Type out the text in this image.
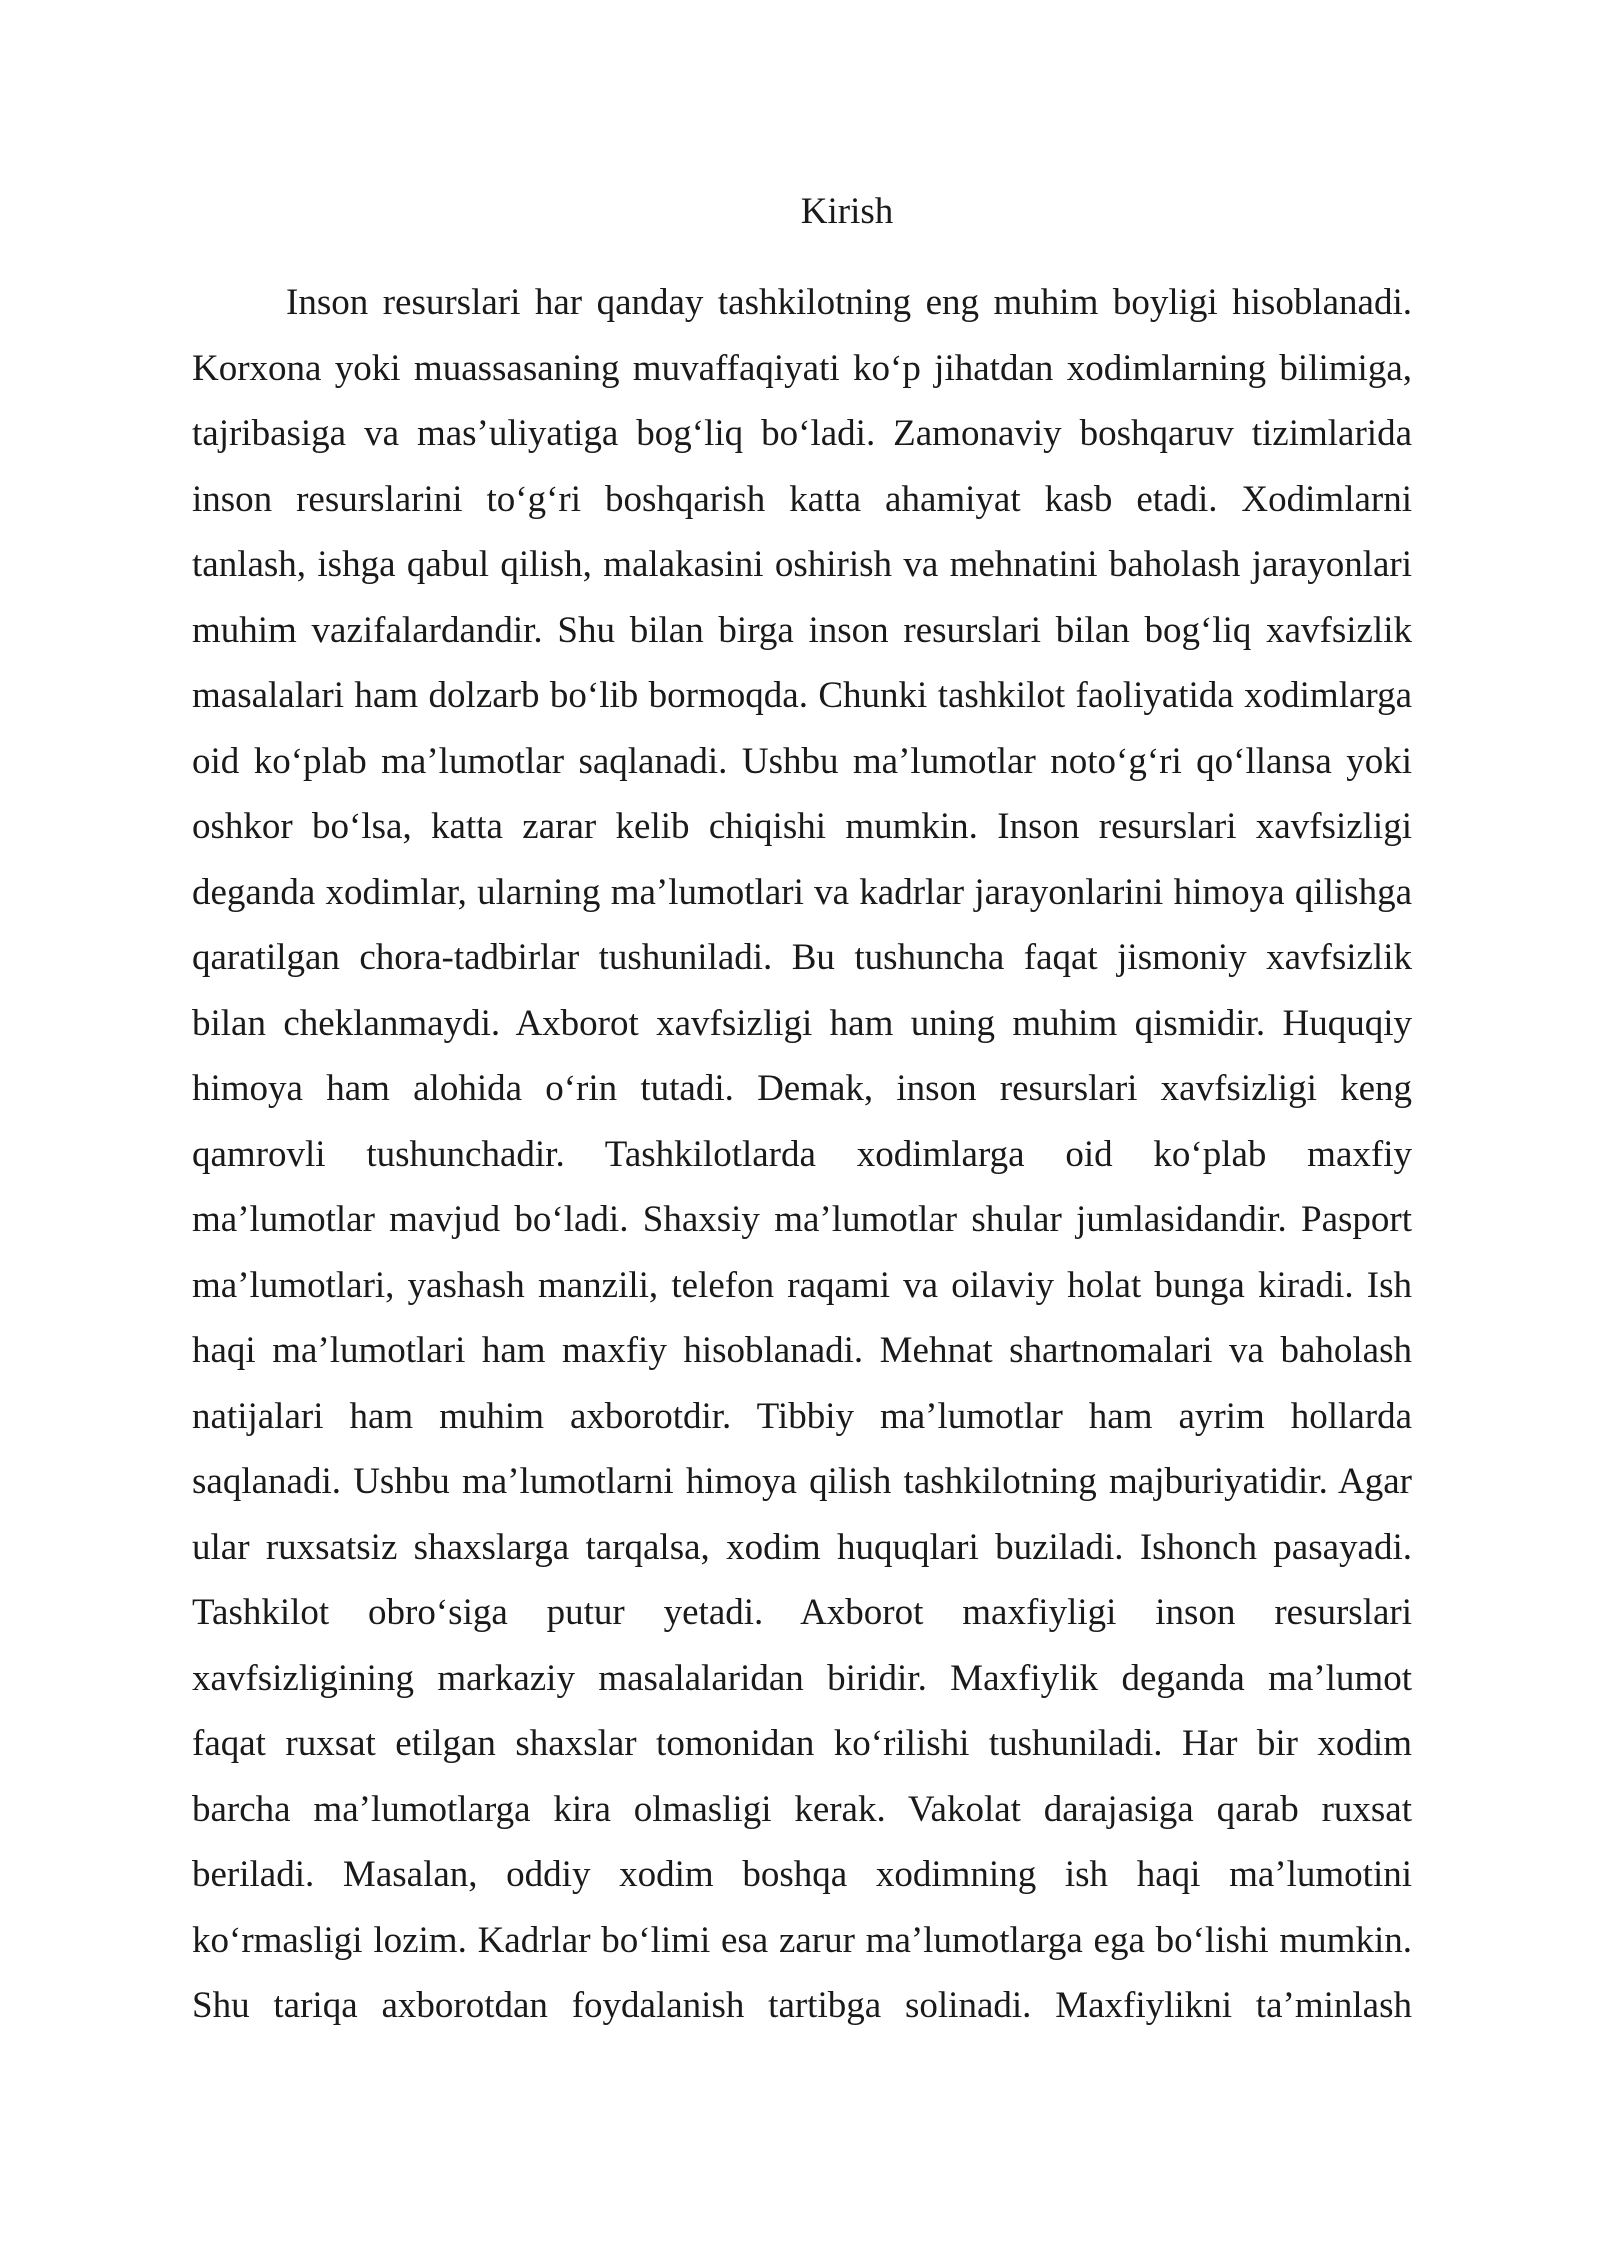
Kirish
Inson resurslari har qanday tashkilotning eng muhim boyligi hisoblanadi.
Korxona yoki muassasaning muvaffaqiyati ko‘p jihatdan xodimlarning bilimiga,
tajribasiga va mas’uliyatiga bog‘liq bo‘ladi. Zamonaviy boshqaruv tizimlarida
inson resurslarini to‘g‘ri boshqarish katta ahamiyat kasb etadi. Xodimlarni
tanlash, ishga qabul qilish, malakasini oshirish va mehnatini baholash jarayonlari
muhim vazifalardandir. Shu bilan birga inson resurslari bilan bog‘liq xavfsizlik
masalalari ham dolzarb bo‘lib bormoqda. Chunki tashkilot faoliyatida xodimlarga
oid ko‘plab ma’lumotlar saqlanadi. Ushbu ma’lumotlar noto‘g‘ri qo‘llansa yoki
oshkor bo‘lsa, katta zarar kelib chiqishi mumkin. Inson resurslari xavfsizligi
deganda xodimlar, ularning ma’lumotlari va kadrlar jarayonlarini himoya qilishga
qaratilgan chora-tadbirlar tushuniladi. Bu tushuncha faqat jismoniy xavfsizlik
bilan cheklanmaydi. Axborot xavfsizligi ham uning muhim qismidir. Huquqiy
himoya ham alohida o‘rin tutadi. Demak, inson resurslari xavfsizligi keng
qamrovli tushunchadir. Tashkilotlarda xodimlarga oid ko‘plab maxfiy
ma’lumotlar mavjud bo‘ladi. Shaxsiy ma’lumotlar shular jumlasidandir. Pasport
ma’lumotlari, yashash manzili, telefon raqami va oilaviy holat bunga kiradi. Ish
haqi ma’lumotlari ham maxfiy hisoblanadi. Mehnat shartnomalari va baholash
natijalari ham muhim axborotdir. Tibbiy ma’lumotlar ham ayrim hollarda
saqlanadi. Ushbu ma’lumotlarni himoya qilish tashkilotning majburiyatidir. Agar
ular ruxsatsiz shaxslarga tarqalsa, xodim huquqlari buziladi. Ishonch pasayadi.
Tashkilot obro‘siga putur yetadi. Axborot maxfiyligi inson resurslari
xavfsizligining markaziy masalalaridan biridir. Maxfiylik deganda ma’lumot
faqat ruxsat etilgan shaxslar tomonidan ko‘rilishi tushuniladi. Har bir xodim
barcha ma’lumotlarga kira olmasligi kerak. Vakolat darajasiga qarab ruxsat
beriladi. Masalan, oddiy xodim boshqa xodimning ish haqi ma’lumotini
ko‘rmasligi lozim. Kadrlar bo‘limi esa zarur ma’lumotlarga ega bo‘lishi mumkin.
Shu tariqa axborotdan foydalanish tartibga solinadi. Maxfiylikni ta’minlash
